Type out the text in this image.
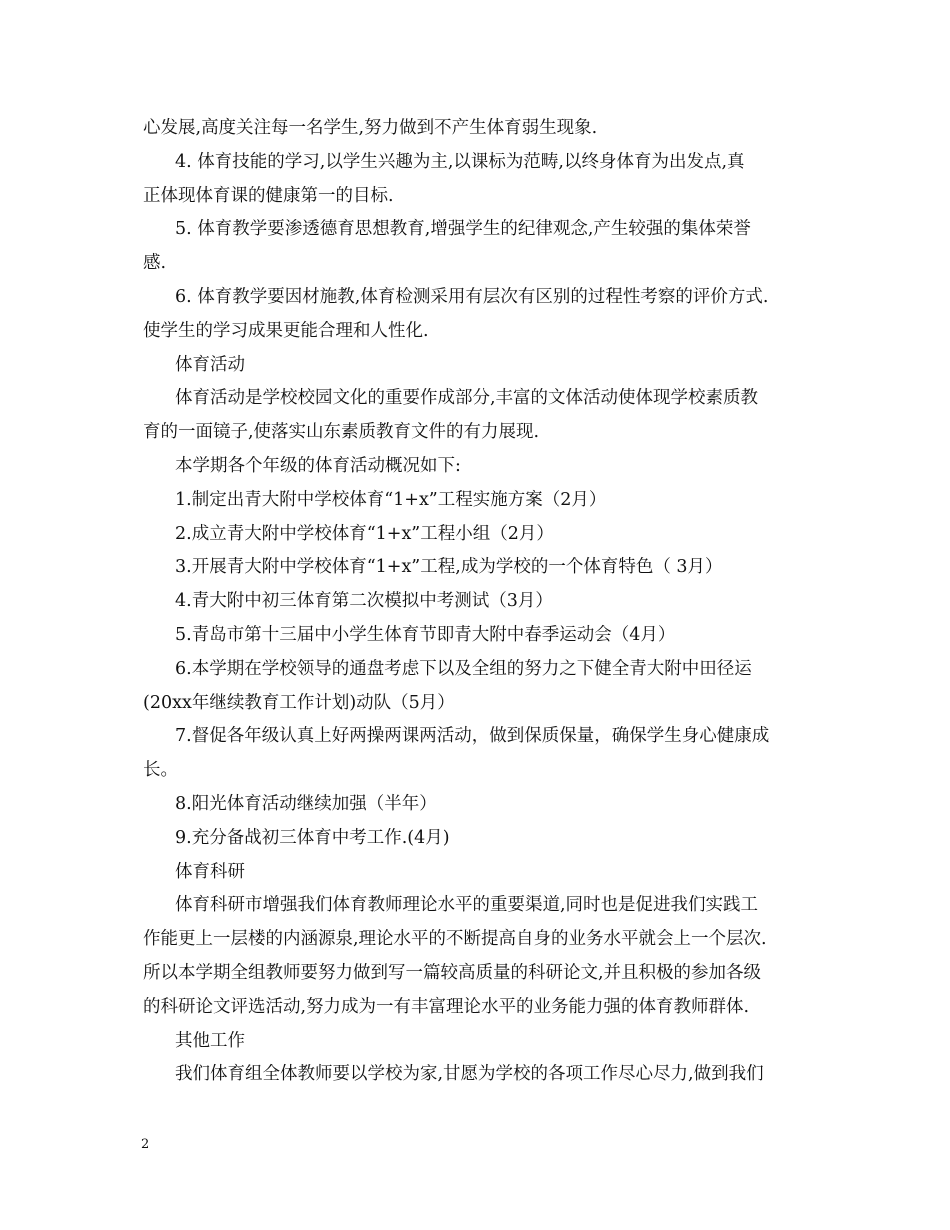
心发展,高度关注每一名学生,努力做到不产生体育弱生现象.
4. 体育技能的学习,以学生兴趣为主,以课标为范畴,以终身体育为出发点,真
正体现体育课的健康第一的目标.
5. 体育教学要渗透德育思想教育,增强学生的纪律观念,产生较强的集体荣誉
感.
6. 体育教学要因材施教,体育检测采用有层次有区别的过程性考察的评价方式.
使学生的学习成果更能合理和人性化.
体育活动
体育活动是学校校园文化的重要作成部分,丰富的文体活动使体现学校素质教
育的一面镜子,使落实山东素质教育文件的有力展现.
本学期各个年级的体育活动概况如下:
1.制定出青大附中学校体育“1+x”工程实施方案（2月）
2.成立青大附中学校体育“1+x”工程小组（2月）
3.开展青大附中学校体育“1+x”工程,成为学校的一个体育特色（ 3月）
4.青大附中初三体育第二次模拟中考测试（3月）
5.青岛市第十三届中小学生体育节即青大附中春季运动会（4月）
6.本学期在学校领导的通盘考虑下以及全组的努力之下健全青大附中田径运
(20xx年继续教育工作计划)动队（5月）
7.督促各年级认真上好两操两课两活动，做到保质保量，确保学生身心健康成
长。
8.阳光体育活动继续加强（半年）
9.充分备战初三体育中考工作.(4月)
体育科研
体育科研市增强我们体育教师理论水平的重要渠道,同时也是促进我们实践工
作能更上一层楼的内涵源泉,理论水平的不断提高自身的业务水平就会上一个层次.
所以本学期全组教师要努力做到写一篇较高质量的科研论文,并且积极的参加各级
的科研论文评选活动,努力成为一有丰富理论水平的业务能力强的体育教师群体.
其他工作
我们体育组全体教师要以学校为家,甘愿为学校的各项工作尽心尽力,做到我们
2
